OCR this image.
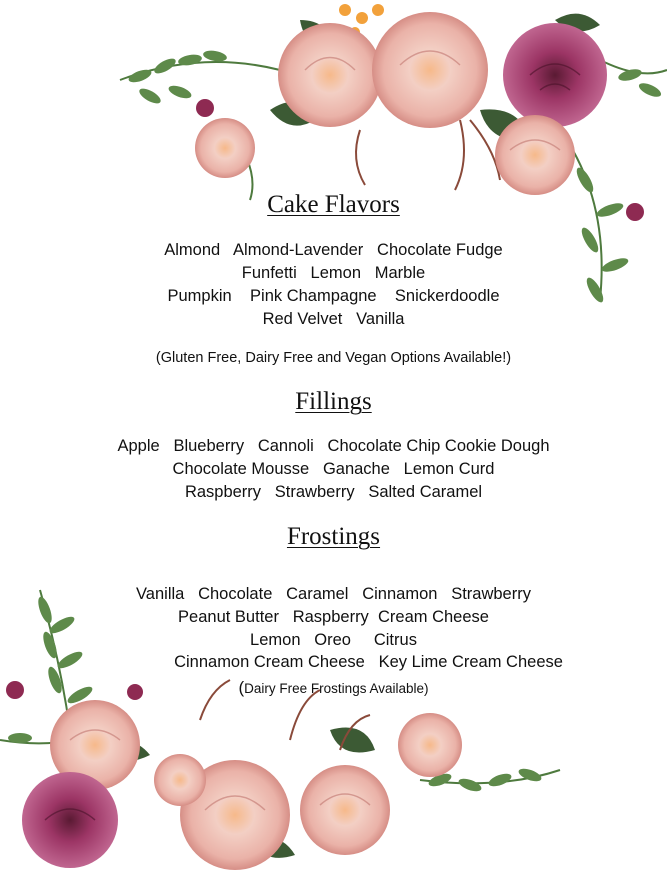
Cake Flavors
Almond   Almond-Lavender   Chocolate Fudge
Funfetti   Lemon   Marble
Pumpkin    Pink Champagne    Snickerdoodle
Red Velvet   Vanilla
(Gluten Free, Dairy Free and Vegan Options Available!)
Fillings
Apple   Blueberry   Cannoli   Chocolate Chip Cookie Dough
Chocolate Mousse   Ganache   Lemon Curd
Raspberry   Strawberry   Salted Caramel
Frostings
Vanilla   Chocolate   Caramel   Cinnamon   Strawberry
Peanut Butter   Raspberry  Cream Cheese
Lemon   Oreo     Citrus
Cinnamon Cream Cheese   Key Lime Cream Cheese
(Dairy Free Frostings Available)
